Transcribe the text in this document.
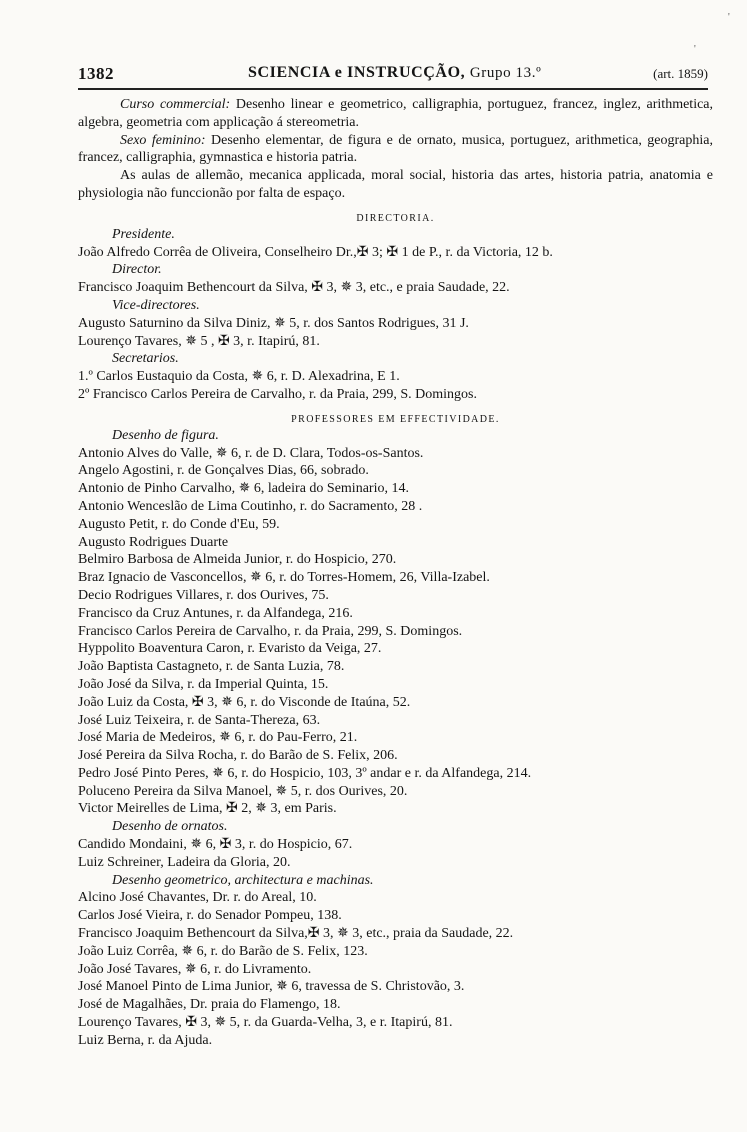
'
'
1382	SCIENCIA e INSTRUCÇÃO, Grupo 13.º	(art. 1859)
Curso commercial: Desenho linear e geometrico, calligraphia, portuguez, francez, inglez, arithmetica, algebra, geometria com applicação á stereometria.
Sexo feminino: Desenho elementar, de figura e de ornato, musica, portuguez, arithmetica, geographia, francez, calligraphia, gymnastica e historia patria.
As aulas de allemão, mecanica applicada, moral social, historia das artes, historia patria, anatomia e physiologia não funccionão por falta de espaço.
DIRECTORIA.
Presidente.
João Alfredo Corrêa de Oliveira, Conselheiro Dr.,✠ 3; ✠ 1 de P., r. da Victoria, 12 b.
Director.
Francisco Joaquim Bethencourt da Silva, ✠ 3, ✵ 3, etc., e praia Saudade, 22.
Vice-directores.
Augusto Saturnino da Silva Diniz, ✵ 5, r. dos Santos Rodrigues, 31 J.
Lourenço Tavares, ✵ 5 , ✠ 3, r. Itapirú, 81.
Secretarios.
1.º Carlos Eustaquio da Costa, ✵ 6, r. D. Alexadrina, E 1.
2º Francisco Carlos Pereira de Carvalho, r. da Praia, 299, S. Domingos.
PROFESSORES EM EFFECTIVIDADE.
Desenho de figura.
Antonio Alves do Valle, ✵ 6, r. de D. Clara, Todos-os-Santos.
Angelo Agostini, r. de Gonçalves Dias, 66, sobrado.
Antonio de Pinho Carvalho, ✵ 6, ladeira do Seminario, 14.
Antonio Wenceslão de Lima Coutinho, r. do Sacramento, 28 .
Augusto Petit, r. do Conde d'Eu, 59.
Augusto Rodrigues Duarte
Belmiro Barbosa de Almeida Junior, r. do Hospicio, 270.
Braz Ignacio de Vasconcellos, ✵ 6, r. do Torres-Homem, 26, Villa-Izabel.
Decio Rodrigues Villares, r. dos Ourives, 75.
Francisco da Cruz Antunes, r. da Alfandega, 216.
Francisco Carlos Pereira de Carvalho, r. da Praia, 299, S. Domingos.
Hyppolito Boaventura Caron, r. Evaristo da Veiga, 27.
João Baptista Castagneto, r. de Santa Luzia, 78.
João José da Silva, r. da Imperial Quinta, 15.
João Luiz da Costa, ✠ 3, ✵ 6, r. do Visconde de Itaúna, 52.
José Luiz Teixeira, r. de Santa-Thereza, 63.
José Maria de Medeiros, ✵ 6, r. do Pau-Ferro, 21.
José Pereira da Silva Rocha, r. do Barão de S. Felix, 206.
Pedro José Pinto Peres, ✵ 6, r. do Hospicio, 103, 3º andar e r. da Alfandega, 214.
Poluceno Pereira da Silva Manoel, ✵ 5, r. dos Ourives, 20.
Victor Meirelles de Lima, ✠ 2, ✵ 3, em Paris.
Desenho de ornatos.
Candido Mondaini, ✵ 6, ✠ 3, r. do Hospicio, 67.
Luiz Schreiner, Ladeira da Gloria, 20.
Desenho geometrico, architectura e machinas.
Alcino José Chavantes, Dr. r. do Areal, 10.
Carlos José Vieira, r. do Senador Pompeu, 138.
Francisco Joaquim Bethencourt da Silva,✠ 3, ✵ 3, etc., praia da Saudade, 22.
João Luiz Corrêa, ✵ 6, r. do Barão de S. Felix, 123.
João José Tavares, ✵ 6, r. do Livramento.
José Manoel Pinto de Lima Junior, ✵ 6, travessa de S. Christovão, 3.
José de Magalhães, Dr. praia do Flamengo, 18.
Lourenço Tavares, ✠ 3, ✵ 5, r. da Guarda-Velha, 3, e r. Itapirú, 81.
Luiz Berna, r. da Ajuda.
